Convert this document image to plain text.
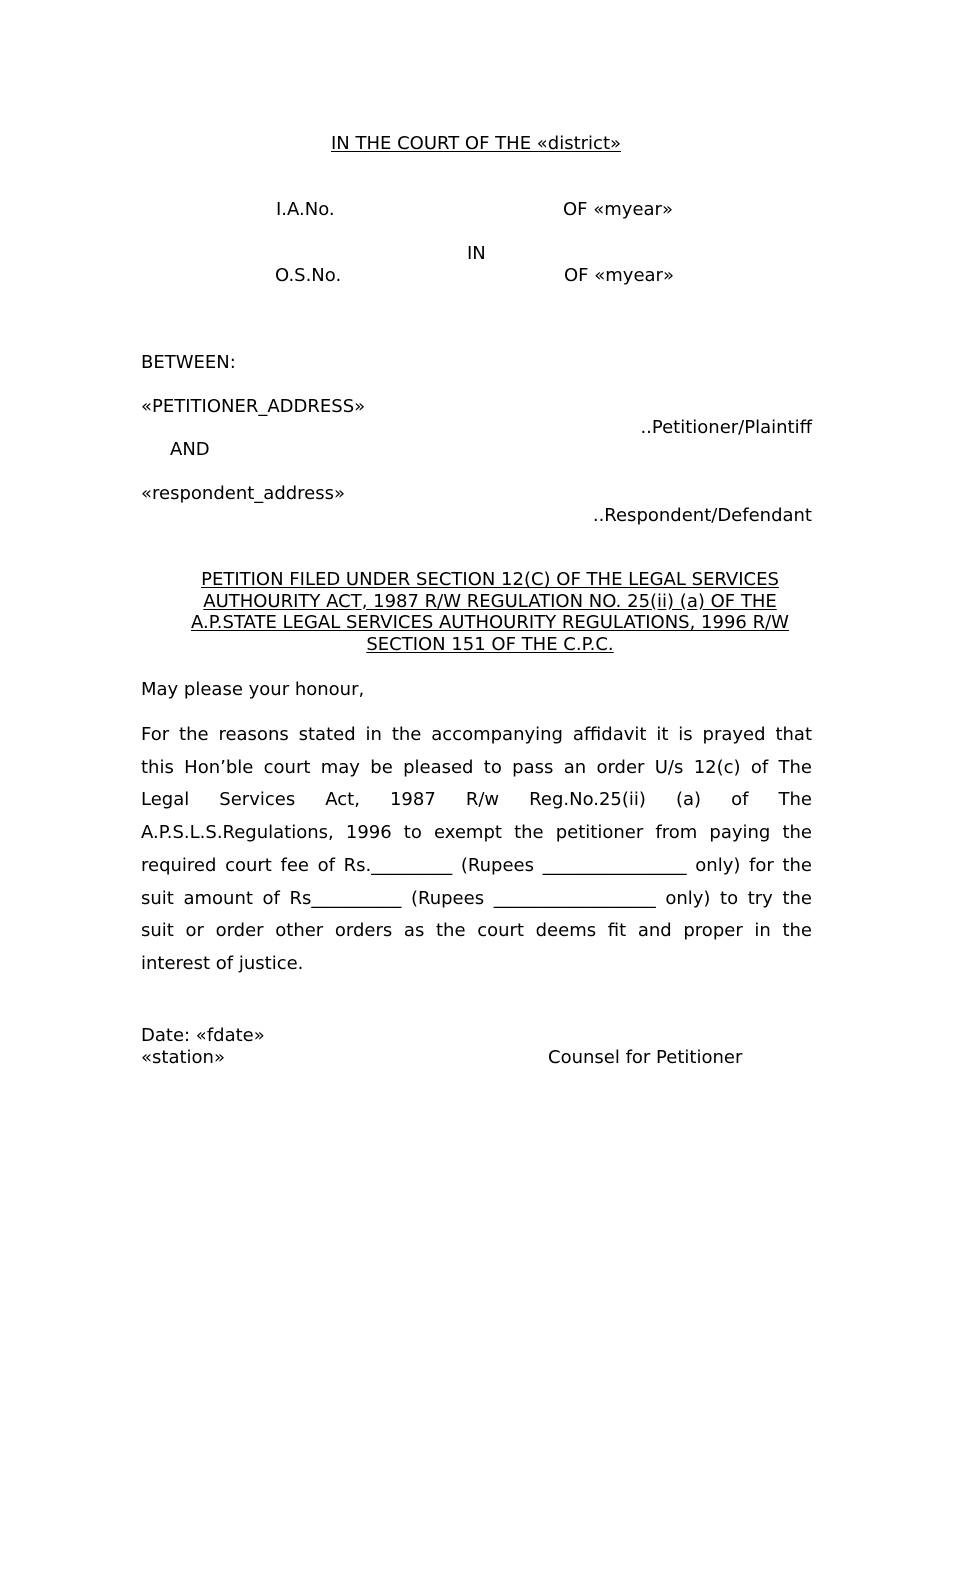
IN THE COURT OF THE «district»
I.A.No.	OF «myear»
IN
O.S.No.	OF «myear»
BETWEEN:
«PETITIONER_ADDRESS»
..Petitioner/Plaintiff
AND
«respondent_address»
..Respondent/Defendant
PETITION FILED UNDER SECTION 12(C) OF THE LEGAL SERVICES
AUTHOURITY ACT, 1987 R/W REGULATION NO. 25(ii) (a) OF THE
A.P.STATE LEGAL SERVICES AUTHOURITY REGULATIONS, 1996 R/W
SECTION 151 OF THE C.P.C.
May please your honour,
For the reasons stated in the accompanying affidavit it is prayed that
this Hon’ble court may be pleased to pass an order U/s 12(c) of The
Legal Services Act, 1987 R/w Reg.No.25(ii) (a) of The
A.P.S.L.S.Regulations, 1996 to exempt the petitioner from paying the
required court fee of Rs._________ (Rupees ________________ only) for the
suit amount of Rs__________ (Rupees __________________ only) to try the
suit or order other orders as the court deems fit and proper in the
interest of justice.
Date: «fdate»
«station»	Counsel for Petitioner
